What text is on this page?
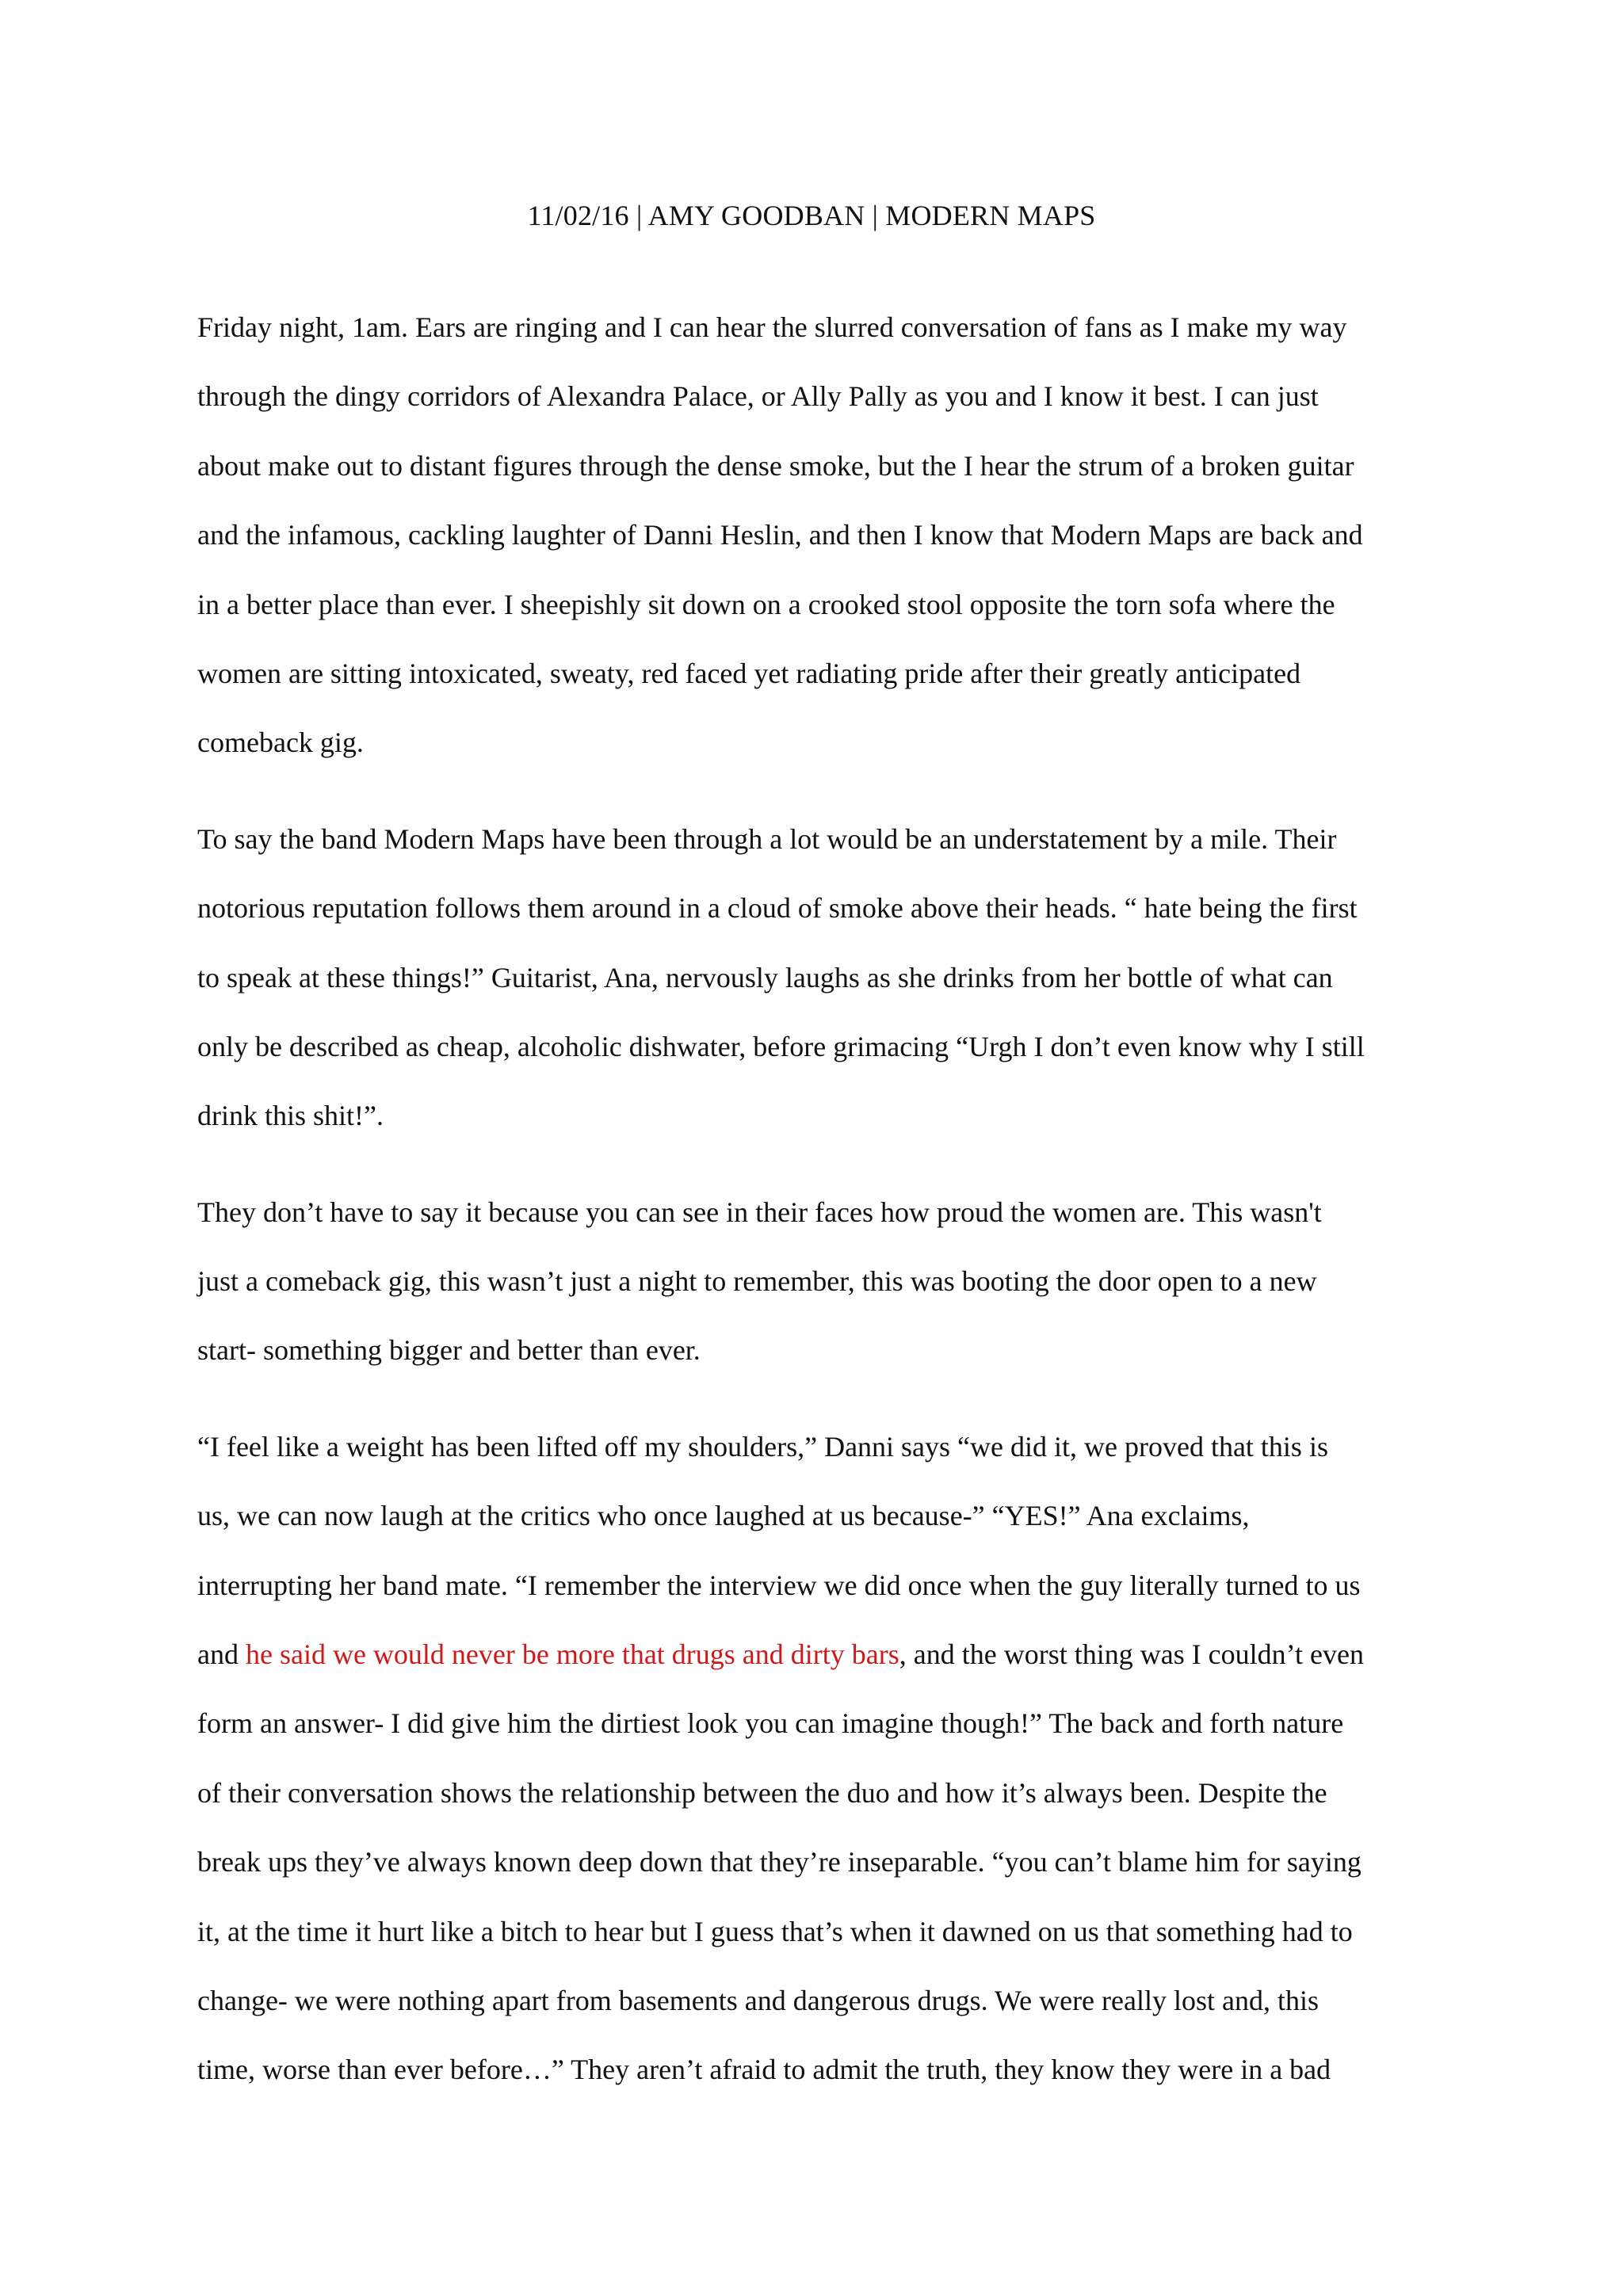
11/02/16 | AMY GOODBAN | MODERN MAPS
Friday night, 1am. Ears are ringing and I can hear the slurred conversation of fans as I make my way
through the dingy corridors of Alexandra Palace, or Ally Pally as you and I know it best. I can just
about make out to distant figures through the dense smoke, but the I hear the strum of a broken guitar
and the infamous, cackling laughter of Danni Heslin, and then I know that Modern Maps are back and
in a better place than ever. I sheepishly sit down on a crooked stool opposite the torn sofa where the
women are sitting intoxicated, sweaty, red faced yet radiating pride after their greatly anticipated
comeback gig.
To say the band Modern Maps have been through a lot would be an understatement by a mile. Their
notorious reputation follows them around in a cloud of smoke above their heads. “ hate being the first
to speak at these things!” Guitarist, Ana, nervously laughs as she drinks from her bottle of what can
only be described as cheap, alcoholic dishwater, before grimacing “Urgh I don’t even know why I still
drink this shit!”.
They don’t have to say it because you can see in their faces how proud the women are. This wasn't
just a comeback gig, this wasn’t just a night to remember, this was booting the door open to a new
start- something bigger and better than ever.
“I feel like a weight has been lifted off my shoulders,” Danni says “we did it, we proved that this is
us, we can now laugh at the critics who once laughed at us because-” “YES!” Ana exclaims,
interrupting her band mate. “I remember the interview we did once when the guy literally turned to us
and he said we would never be more that drugs and dirty bars, and the worst thing was I couldn’t even
form an answer- I did give him the dirtiest look you can imagine though!” The back and forth nature
of their conversation shows the relationship between the duo and how it’s always been. Despite the
break ups they’ve always known deep down that they’re inseparable. “you can’t blame him for saying
it, at the time it hurt like a bitch to hear but I guess that’s when it dawned on us that something had to
change- we were nothing apart from basements and dangerous drugs. We were really lost and, this
time, worse than ever before…” They aren’t afraid to admit the truth, they know they were in a bad
